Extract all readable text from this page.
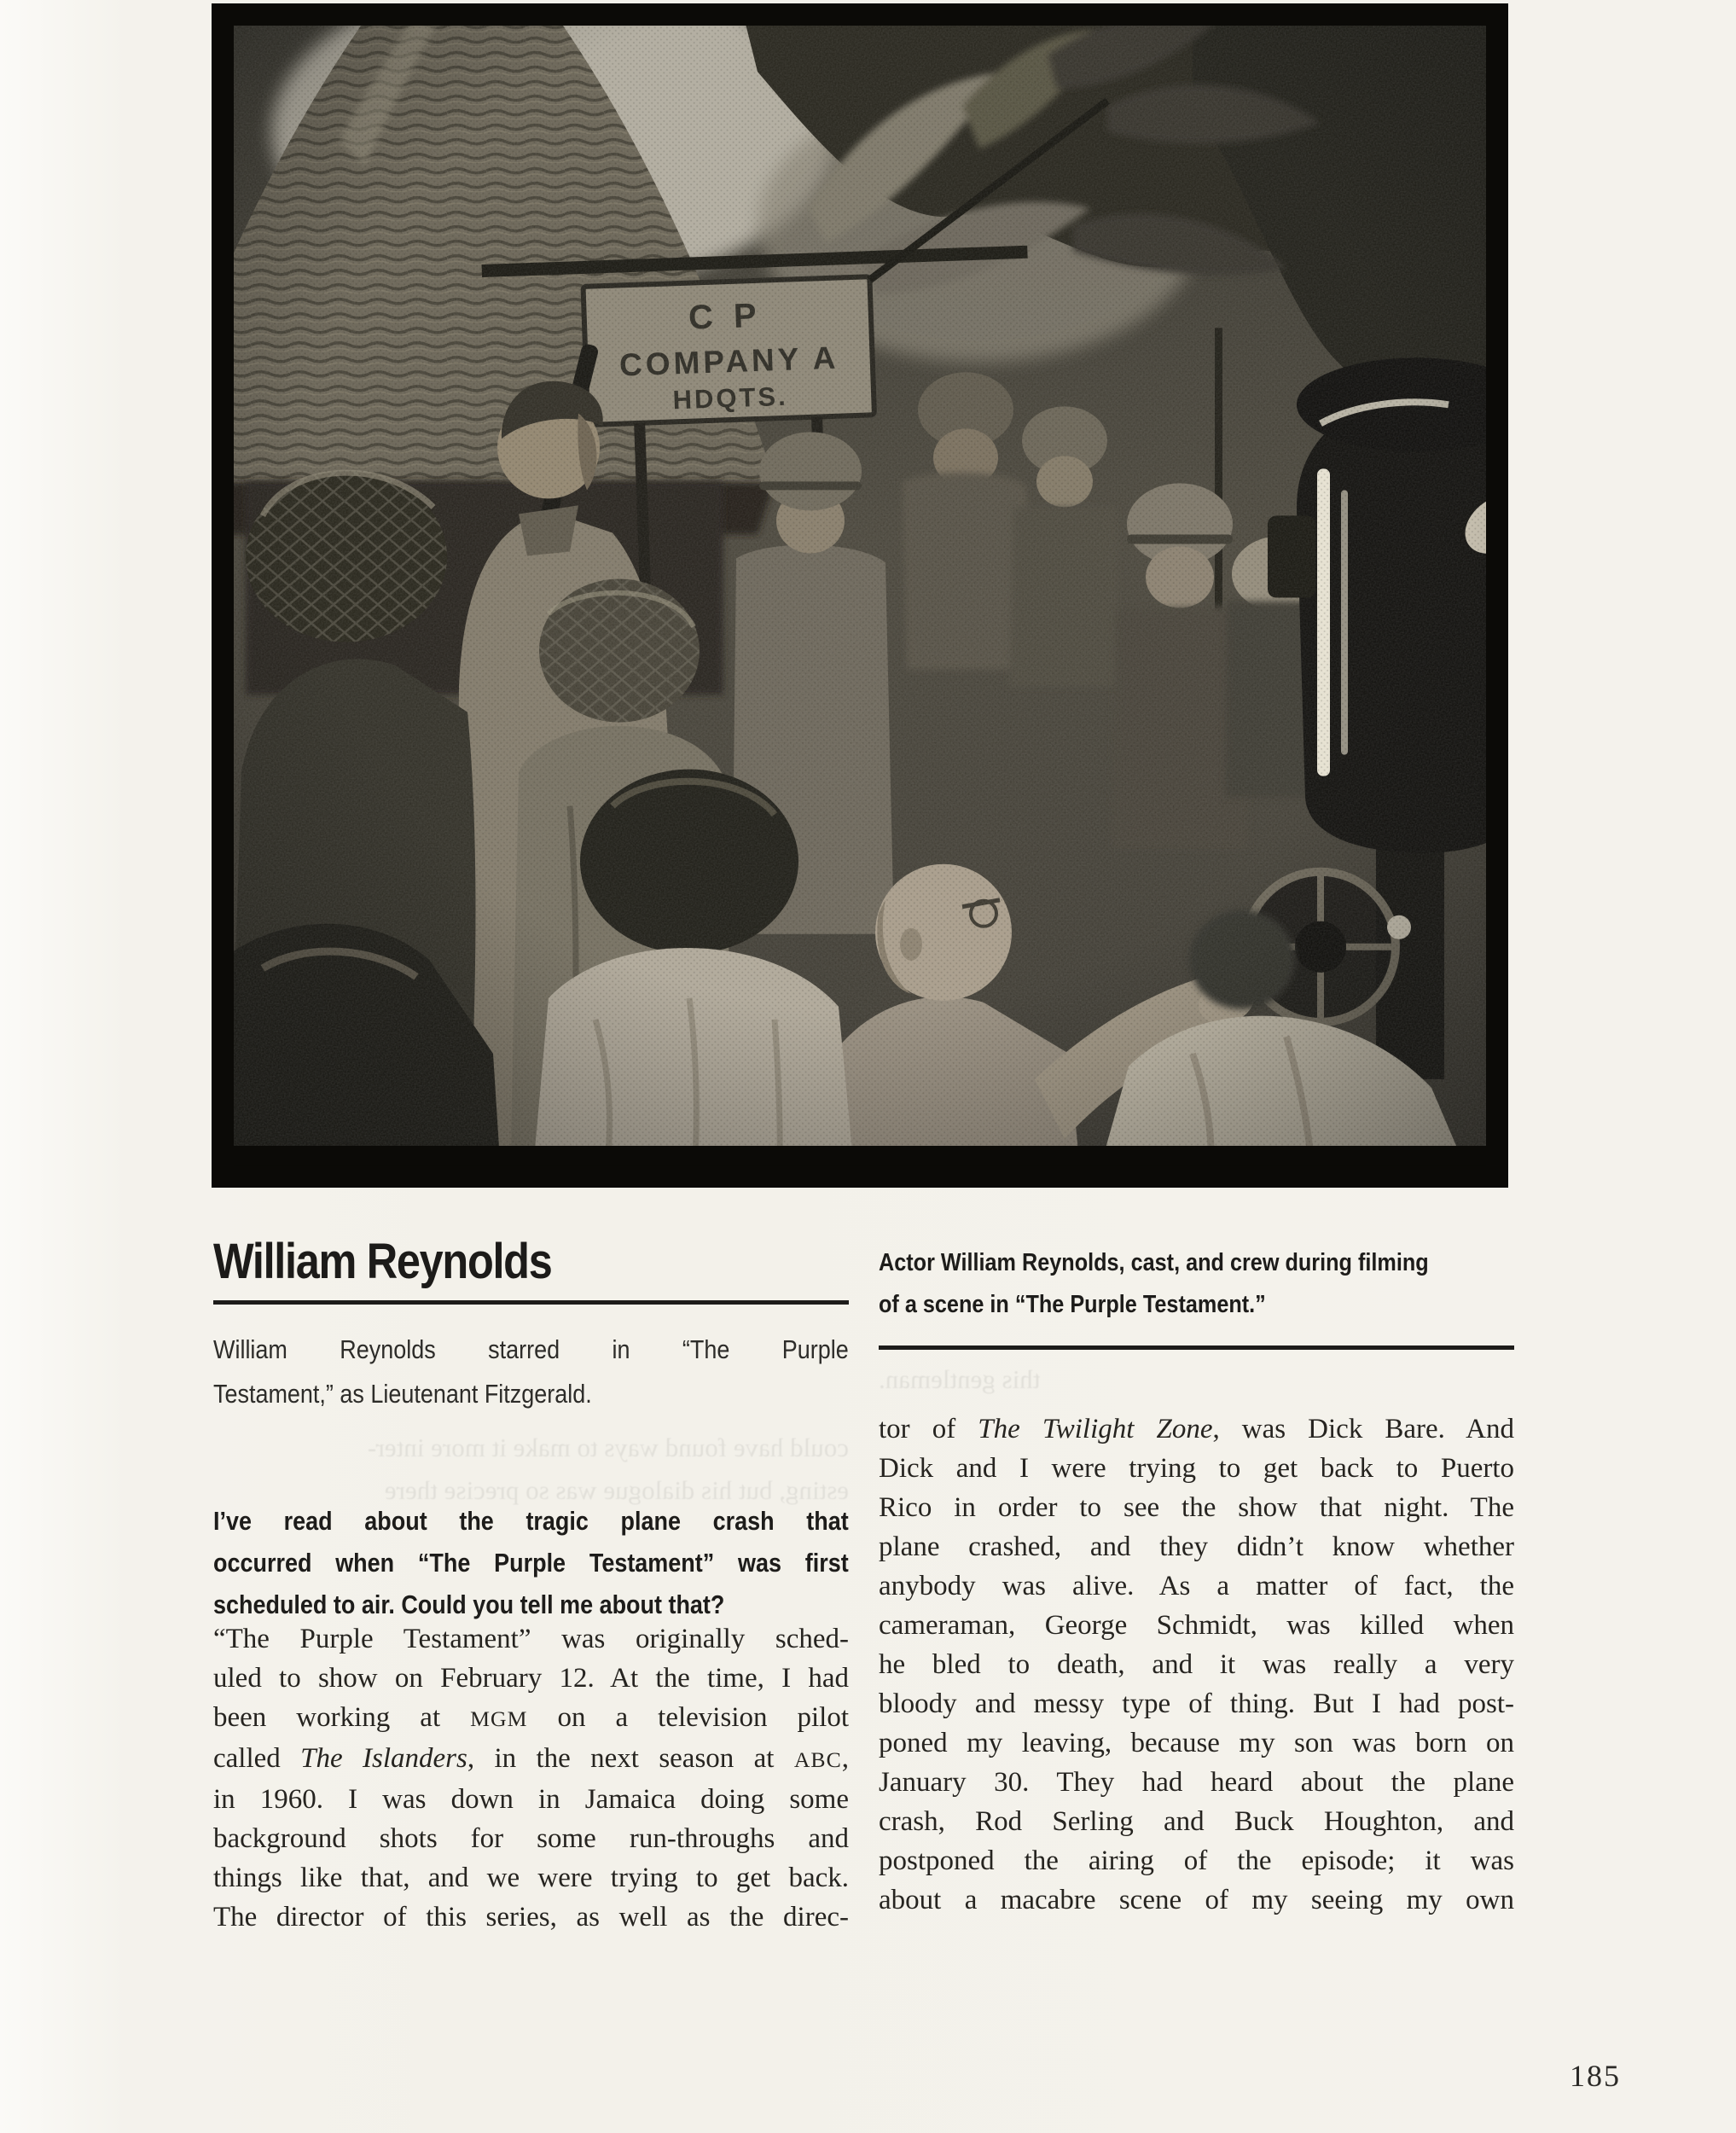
William Reynolds
William Reynolds starred in “The Purple
Testament,” as Lieutenant Fitzgerald.
I’ve read about the tragic plane crash that
occurred when “The Purple Testament” was first
scheduled to air. Could you tell me about that?
“The Purple Testament” was originally sched-
uled to show on February 12. At the time, I had
been working at MGM on a television pilot
called The Islanders, in the next season at ABC,
in 1960. I was down in Jamaica doing some
background shots for some run-throughs and
things like that, and we were trying to get back.
The director of this series, as well as the direc-
Actor William Reynolds, cast, and crew during filming
of a scene in “The Purple Testament.”
tor of The Twilight Zone, was Dick Bare. And
Dick and I were trying to get back to Puerto
Rico in order to see the show that night. The
plane crashed, and they didn’t know whether
anybody was alive. As a matter of fact, the
cameraman, George Schmidt, was killed when
he bled to death, and it was really a very
bloody and messy type of thing. But I had post-
poned my leaving, because my son was born on
January 30. They had heard about the plane
crash, Rod Serling and Buck Houghton, and
postponed the airing of the episode; it was
about a macabre scene of my seeing my own
could have found ways to make it more inter-
esting, but his dialogue was so precise there
this gentleman.
185
